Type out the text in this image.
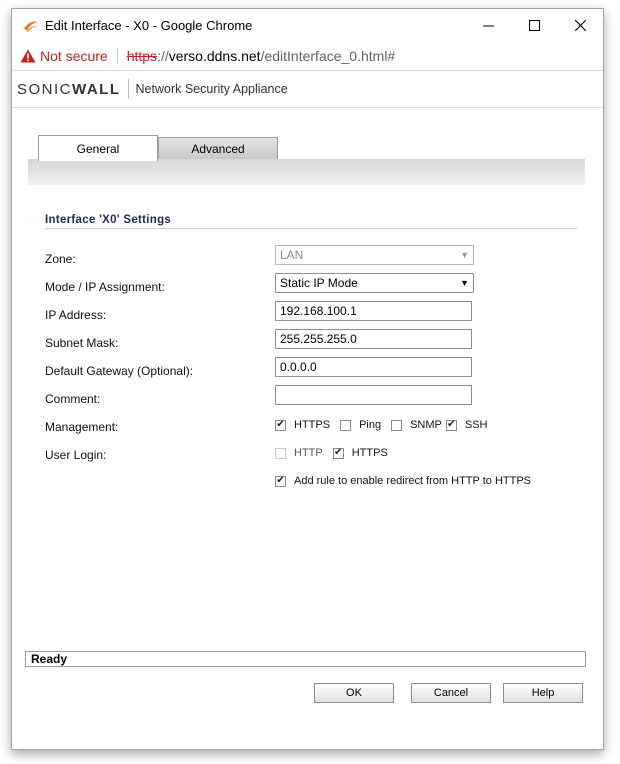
Edit Interface - X0 - Google Chrome
Not secure https://verso.ddns.net/editInterface_0.html#
SONICWALL Network Security Appliance
General	Advanced
Interface 'X0' Settings
Zone:	LAN	▼
Mode / IP Assignment:	Static IP Mode	▼
IP Address:	192.168.100.1
Subnet Mask:	255.255.255.0
Default Gateway (Optional):	0.0.0.0
Comment:
Management:	✔ HTTPS	Ping	SNMP ✔ SSH
User Login:	HTTP ✔ HTTPS
✔ Add rule to enable redirect from HTTP to HTTPS
Ready
OK	Cancel	Help
